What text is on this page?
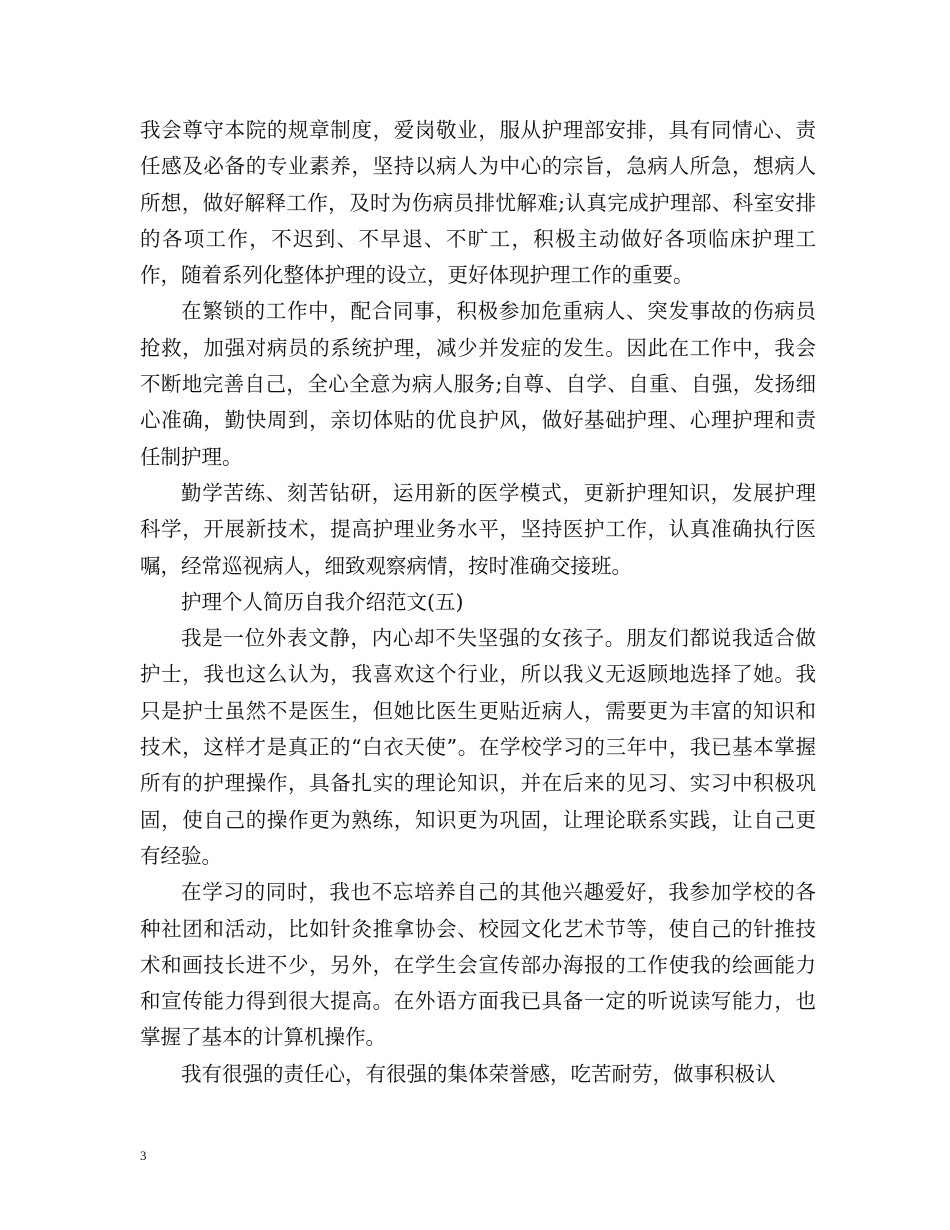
我会尊守本院的规章制度，爱岗敬业，服从护理部安排，具有同情心、责任感及必备的专业素养，坚持以病人为中心的宗旨，急病人所急，想病人所想，做好解释工作，及时为伤病员排忧解难;认真完成护理部、科室安排的各项工作，不迟到、不早退、不旷工，积极主动做好各项临床护理工作，随着系列化整体护理的设立，更好体现护理工作的重要。

在繁锁的工作中，配合同事，积极参加危重病人、突发事故的伤病员抢救，加强对病员的系统护理，减少并发症的发生。因此在工作中，我会不断地完善自己，全心全意为病人服务;自尊、自学、自重、自强，发扬细心准确，勤快周到，亲切体贴的优良护风，做好基础护理、心理护理和责任制护理。

勤学苦练、刻苦钻研，运用新的医学模式，更新护理知识，发展护理科学，开展新技术，提高护理业务水平，坚持医护工作，认真准确执行医嘱，经常巡视病人，细致观察病情，按时准确交接班。

护理个人简历自我介绍范文(五)

我是一位外表文静，内心却不失坚强的女孩子。朋友们都说我适合做护士，我也这么认为，我喜欢这个行业，所以我义无返顾地选择了她。我只是护士虽然不是医生，但她比医生更贴近病人，需要更为丰富的知识和技术，这样才是真正的“白衣天使”。在学校学习的三年中，我已基本掌握所有的护理操作，具备扎实的理论知识，并在后来的见习、实习中积极巩固，使自己的操作更为熟练，知识更为巩固，让理论联系实践，让自己更有经验。

在学习的同时，我也不忘培养自己的其他兴趣爱好，我参加学校的各种社团和活动，比如针灸推拿协会、校园文化艺术节等，使自己的针推技术和画技长进不少，另外，在学生会宣传部办海报的工作使我的绘画能力和宣传能力得到很大提高。在外语方面我已具备一定的听说读写能力，也掌握了基本的计算机操作。

我有很强的责任心，有很强的集体荣誉感，吃苦耐劳，做事积极认

3
